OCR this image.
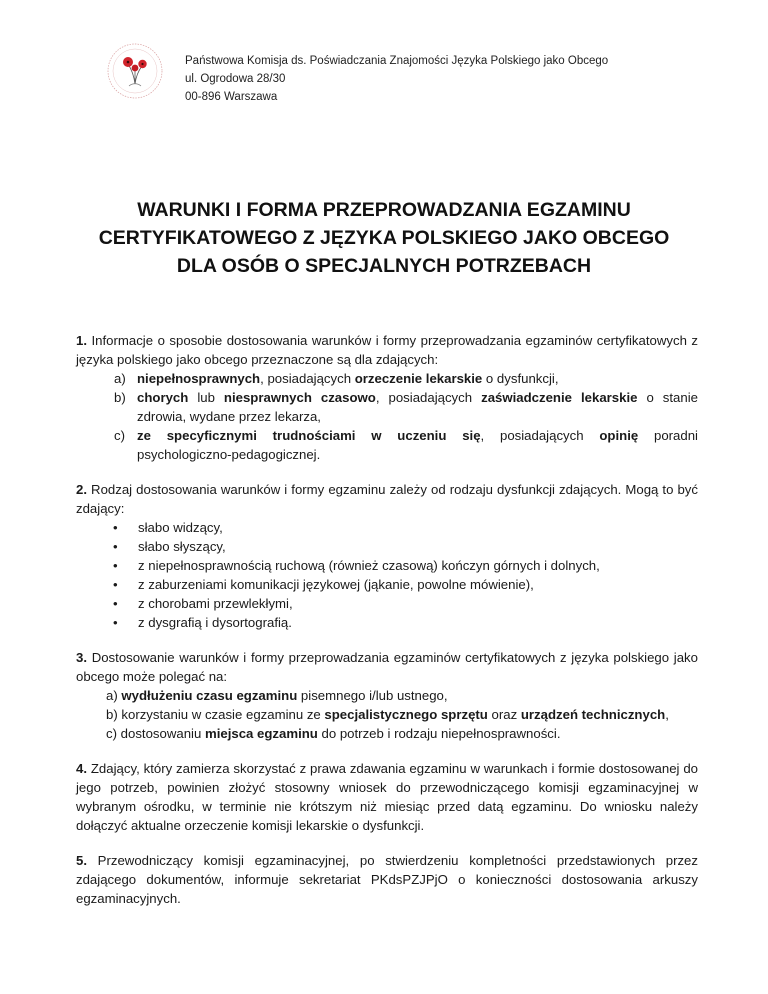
Państwowa Komisja ds. Poświadczania Znajomości Języka Polskiego jako Obcego
ul. Ogrodowa 28/30
00-896 Warszawa
WARUNKI I FORMA PRZEPROWADZANIA EGZAMINU
CERTYFIKATOWEGO Z JĘZYKA POLSKIEGO JAKO OBCEGO
DLA OSÓB O SPECJALNYCH POTRZEBACH
1. Informacje o sposobie dostosowania warunków i formy przeprowadzania egzaminów certyfikatowych z języka polskiego jako obcego przeznaczone są dla zdających:
a) niepełnosprawnych, posiadających orzeczenie lekarskie o dysfunkcji,
b) chorych lub niesprawnych czasowo, posiadających zaświadczenie lekarskie o stanie zdrowia, wydane przez lekarza,
c) ze specyficznymi trudnościami w uczeniu się, posiadających opinię poradni psychologiczno-pedagogicznej.
2. Rodzaj dostosowania warunków i formy egzaminu zależy od rodzaju dysfunkcji zdających. Mogą to być zdający:
• słabo widzący,
• słabo słyszący,
• z niepełnosprawnością ruchową (również czasową) kończyn górnych i dolnych,
• z zaburzeniami komunikacji językowej (jąkanie, powolne mówienie),
• z chorobami przewlekłymi,
• z dysgrafią i dysortografią.
3. Dostosowanie warunków i formy przeprowadzania egzaminów certyfikatowych z języka polskiego jako obcego może polegać na:
a) wydłużeniu czasu egzaminu pisemnego i/lub ustnego,
b) korzystaniu w czasie egzaminu ze specjalistycznego sprzętu oraz urządzeń technicznych,
c) dostosowaniu miejsca egzaminu do potrzeb i rodzaju niepełnosprawności.
4. Zdający, który zamierza skorzystać z prawa zdawania egzaminu w warunkach i formie dostosowanej do jego potrzeb, powinien złożyć stosowny wniosek do przewodniczącego komisji egzaminacyjnej w wybranym ośrodku, w terminie nie krótszym niż miesiąc przed datą egzaminu. Do wniosku należy dołączyć aktualne orzeczenie komisji lekarskie o dysfunkcji.
5. Przewodniczący komisji egzaminacyjnej, po stwierdzeniu kompletności przedstawionych przez zdającego dokumentów, informuje sekretariat PKdsPZJPjO o konieczności dostosowania arkuszy egzaminacyjnych.
